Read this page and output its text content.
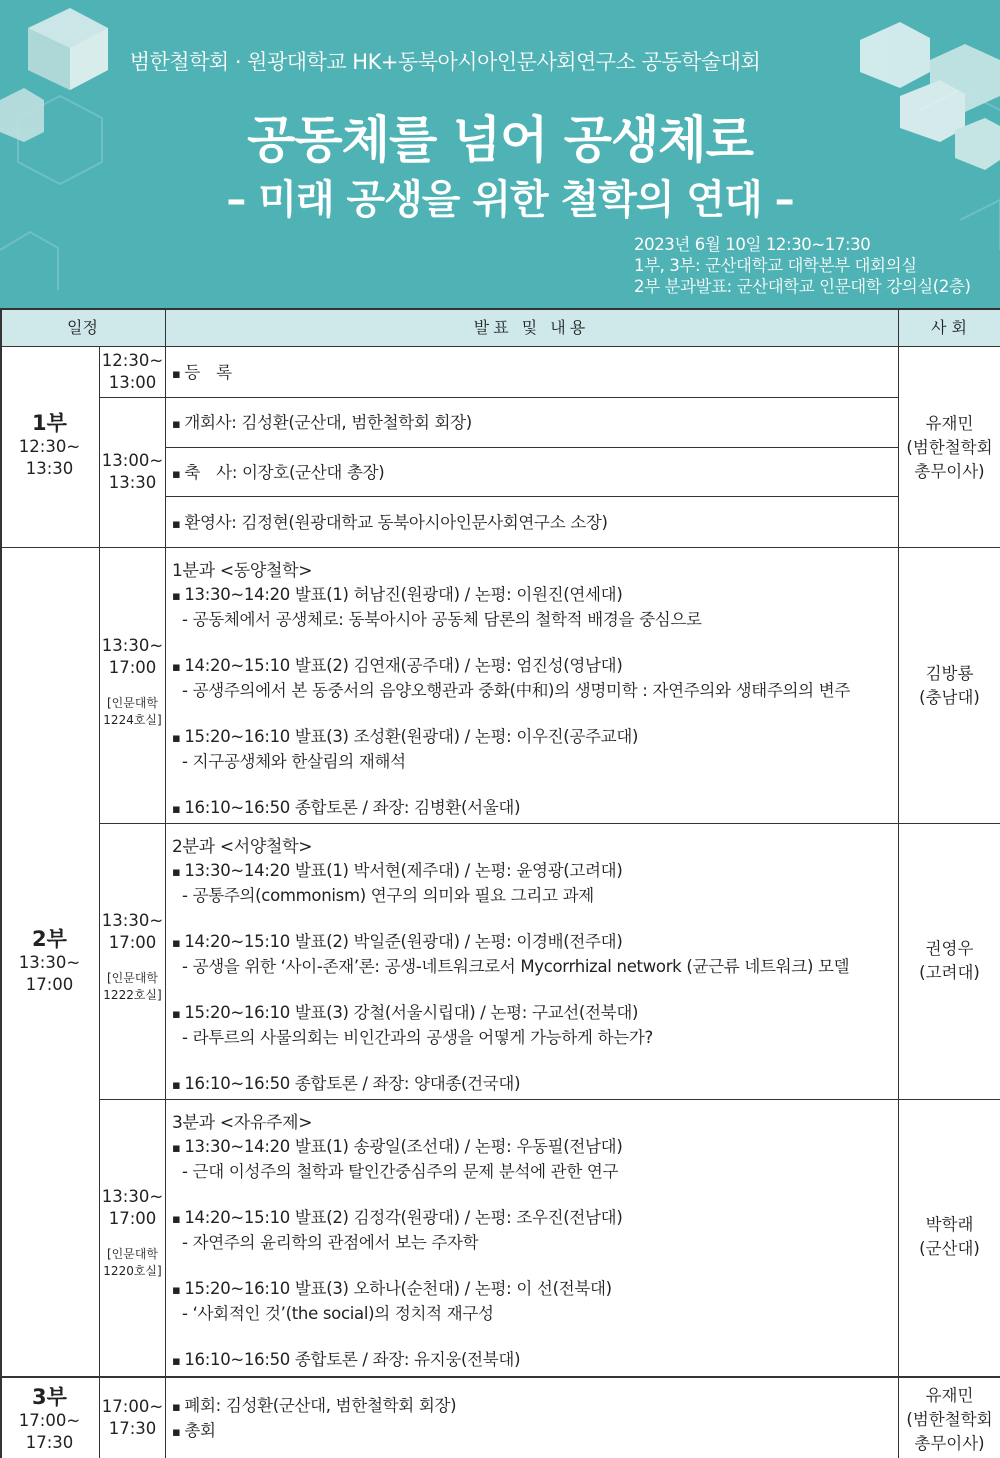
범한철학회 · 원광대학교 HK+동북아시아인문사회연구소 공동학술대회
공동체를 넘어 공생체로
– 미래 공생을 위한 철학의 연대 –
2023년 6월 10일 12:30~17:30
1부, 3부: 군산대학교 대학본부 대회의실
2부 분과발표: 군산대학교 인문대학 강의실(2층)
일정	발표 및 내용	사 회
1부
12:30~
13:30
12:30~
13:00
13:00~
13:30
▪ 등　록
▪ 개회사: 김성환(군산대, 범한철학회 회장)
▪ 축　사: 이장호(군산대 총장)
▪ 환영사: 김정현(원광대학교 동북아시아인문사회연구소 소장)
유재민
(범한철학회
총무이사)
2부
13:30~
17:00
13:30~
17:00
[인문대학
1224호실]
1분과 <동양철학>
▪ 13:30~14:20 발표(1) 허남진(원광대) / 논평: 이원진(연세대)
- 공동체에서 공생체로: 동북아시아 공동체 담론의 철학적 배경을 중심으로
▪ 14:20~15:10 발표(2) 김연재(공주대) / 논평: 엄진성(영남대)
- 공생주의에서 본 동중서의 음양오행관과 중화(中和)의 생명미학 : 자연주의와 생태주의의 변주
▪ 15:20~16:10 발표(3) 조성환(원광대) / 논평: 이우진(공주교대)
- 지구공생체와 한살림의 재해석
▪ 16:10~16:50 종합토론 / 좌장: 김병환(서울대)
김방룡
(충남대)
13:30~
17:00
[인문대학
1222호실]
2분과 <서양철학>
▪ 13:30~14:20 발표(1) 박서현(제주대) / 논평: 윤영광(고려대)
- 공통주의(commonism) 연구의 의미와 필요 그리고 과제
▪ 14:20~15:10 발표(2) 박일준(원광대) / 논평: 이경배(전주대)
- 공생을 위한 ‘사이-존재’론: 공생-네트워크로서 Mycorrhizal network (균근류 네트워크) 모델
▪ 15:20~16:10 발표(3) 강철(서울시립대) / 논평: 구교선(전북대)
- 라투르의 사물의회는 비인간과의 공생을 어떻게 가능하게 하는가?
▪ 16:10~16:50 종합토론 / 좌장: 양대종(건국대)
권영우
(고려대)
13:30~
17:00
[인문대학
1220호실]
3분과 <자유주제>
▪ 13:30~14:20 발표(1) 송광일(조선대) / 논평: 우동필(전남대)
- 근대 이성주의 철학과 탈인간중심주의 문제 분석에 관한 연구
▪ 14:20~15:10 발표(2) 김정각(원광대) / 논평: 조우진(전남대)
- 자연주의 윤리학의 관점에서 보는 주자학
▪ 15:20~16:10 발표(3) 오하나(순천대) / 논평: 이 선(전북대)
- ‘사회적인 것’(the social)의 정치적 재구성
▪ 16:10~16:50 종합토론 / 좌장: 유지웅(전북대)
박학래
(군산대)
3부
17:00~
17:30
17:00~
17:30
▪ 폐회: 김성환(군산대, 범한철학회 회장)
▪ 총회
유재민
(범한철학회
총무이사)
